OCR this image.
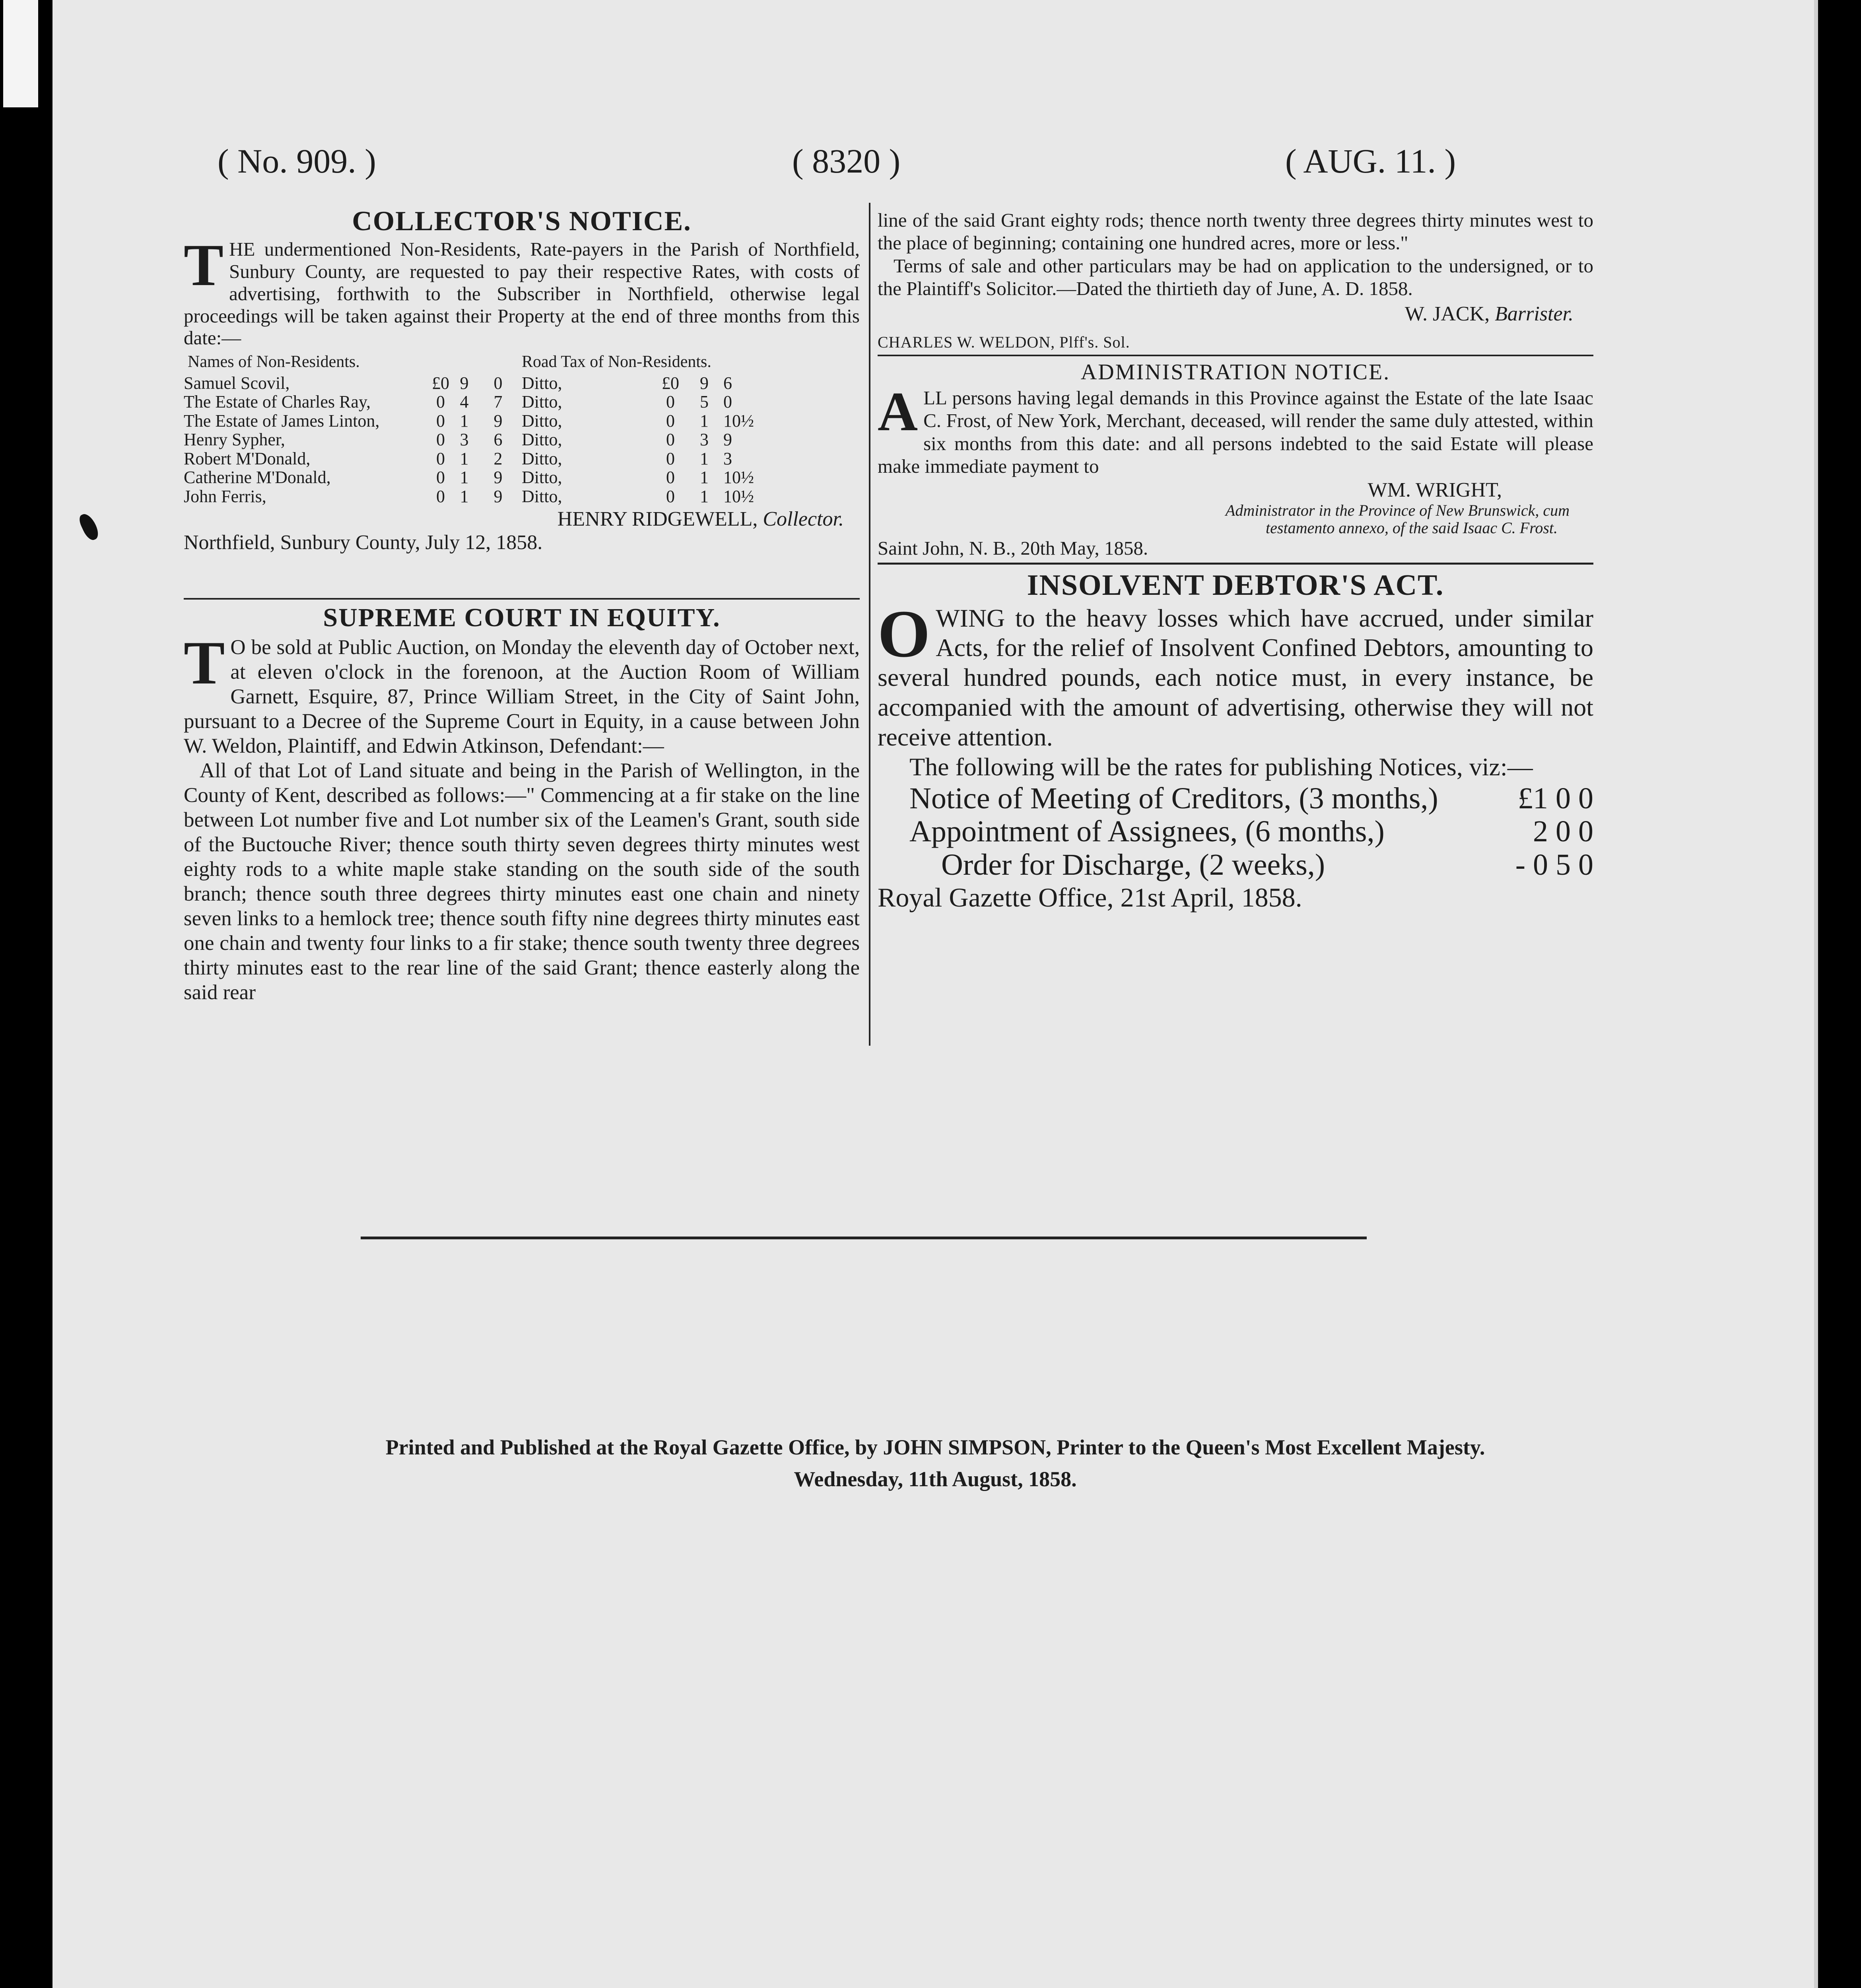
( No. 909. )	( 8320 )	( AUG. 11. )
COLLECTOR'S NOTICE.

THE undermentioned Non-Residents, Rate-payers in the Parish of Northfield, Sunbury County, are requested to pay their respective Rates, with costs of advertising, forthwith to the Subscriber in Northfield, otherwise legal proceedings will be taken against their Property at the end of three months from this date:—

Names of Non-Residents.				Road Tax of Non-Residents.			
Samuel Scovil,	£0	9	0	Ditto,	£0	9	6
The Estate of Charles Ray,	0	4	7	Ditto,	0	5	0
The Estate of James Linton,	0	1	9	Ditto,	0	1	10½
Henry Sypher,	0	3	6	Ditto,	0	3	9
Robert M'Donald,	0	1	2	Ditto,	0	1	3
Catherine M'Donald,	0	1	9	Ditto,	0	1	10½
John Ferris,	0	1	9	Ditto,	0	1	10½
HENRY RIDGEWELL, Collector.
Northfield, Sunbury County, July 12, 1858.
SUPREME COURT IN EQUITY.

T O be sold at Public Auction, on Monday the eleventh day of October next, at eleven o'clock in the forenoon, at the Auction Room of William Garnett, Esquire, 87, Prince William Street, in the City of Saint John, pursuant to a Decree of the Supreme Court in Equity, in a cause between John W. Weldon, Plaintiff, and Edwin Atkinson, Defendant:—

All of that Lot of Land situate and being in the Parish of Wellington, in the County of Kent, described as follows:—" Commencing at a fir stake on the line between Lot number five and Lot number six of the Leamen's Grant, south side of the Buctouche River; thence south thirty seven degrees thirty minutes west eighty rods to a white maple stake standing on the south side of the south branch; thence south three degrees thirty minutes east one chain and ninety seven links to a hemlock tree; thence south fifty nine degrees thirty minutes east one chain and twenty four links to a fir stake; thence south twenty three degrees thirty minutes east to the rear line of the said Grant; thence easterly along the said rear

line of the said Grant eighty rods; thence north twenty three degrees thirty minutes west to the place of beginning; containing one hundred acres, more or less."

Terms of sale and other particulars may be had on application to the undersigned, or to the Plaintiff's Solicitor.—Dated the thirtieth day of June, A. D. 1858.

W. JACK, Barrister.
CHARLES W. WELDON, Plff's. Sol.
ADMINISTRATION NOTICE.

ALL persons having legal demands in this Province against the Estate of the late Isaac C. Frost, of New York, Merchant, deceased, will render the same duly attested, within six months from this date: and all persons indebted to the said Estate will please make immediate payment to

WM. WRIGHT,
Administrator in the Province of New Brunswick, cum
testamento annexo, of the said Isaac C. Frost.
Saint John, N. B., 20th May, 1858.
INSOLVENT DEBTOR'S ACT.

OWING to the heavy losses which have accrued, under similar Acts, for the relief of Insolvent Confined Debtors, amounting to several hundred pounds, each notice must, in every instance, be accompanied with the amount of advertising, otherwise they will not receive attention.

The following will be the rates for publishing Notices, viz:—

Notice of Meeting of Creditors, (3 months,)	£1 0 0
Appointment of Assignees, (6 months,)	2 0 0
Order for Discharge, (2 weeks,)	- 0 5 0
Royal Gazette Office, 21st April, 1858.
Printed and Published at the Royal Gazette Office, by JOHN SIMPSON, Printer to the Queen's Most Excellent Majesty.
Wednesday, 11th August, 1858.
